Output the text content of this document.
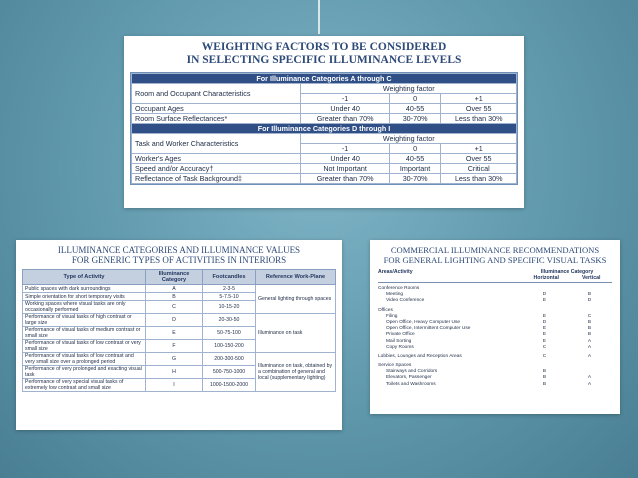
WEIGHTING FACTORS TO BE CONSIDERED
IN SELECTING SPECIFIC ILLUMINANCE LEVELS
For Illuminance Categories A through C			
Room and Occupant Characteristics	Weighting factor		
	-1	0	+1
Occupant Ages	Under 40	40-55	Over 55
Room Surface Reflectances*	Greater than 70%	30-70%	Less than 30%
For Illuminance Categories D through I			
Task and Worker Characteristics	Weighting factor		
	-1	0	+1
Worker's Ages	Under 40	40-55	Over 55
Speed and/or Accuracy†	Not Important	Important	Critical
Reflectance of Task Background‡	Greater than 70%	30-70%	Less than 30%
ILLUMINANCE CATEGORIES AND ILLUMINANCE VALUES
FOR GENERIC TYPES OF ACTIVITIES IN INTERIORS
Type of Activity	Illuminance Category	Footcandles	Reference Work-Plane
Public spaces with dark surroundings	A	2-3-5	General lighting through spaces
Simple orientation for short temporary visits	B	5-7.5-10	
Working spaces where visual tasks are only occasionally performed	C	10-15-20	
Performance of visual tasks of high contrast or large size	D	20-30-50	Illuminance on task
Performance of visual tasks of medium contrast or small size	E	50-75-100	
Performance of visual tasks of low contrast or very small size	F	100-150-200	
Performance of visual tasks of low contrast and very small size over a prolonged period	G	200-300-500	Illuminance on task, obtained by a combination of general and local (supplementary lighting)
Performance of very prolonged and exacting visual task	H	500-750-1000	
Performance of very special visual tasks of extremely low contrast and small size	I	1000-1500-2000	
COMMERCIAL ILLUMINANCE RECOMMENDATIONS
FOR GENERAL LIGHTING AND SPECIFIC VISUAL TASKS
Areas/Activity	Illuminance Category
Horizontal	Vertical
Conference Rooms
Meeting	D	B
Video Conference	E	D
Offices
Filing	E	C
Open Office, Heavy Computer Use	D	B
Open Office, Intermittent Computer Use	E	B
Private Office	E	B
Mail Sorting	E	A
Copy Rooms	C	A
Lobbies, Lounges and Reception Areas	C	A
Service Spaces
Stairways and Corridors	B
Elevators, Passenger	B	A
Toilets and Washrooms	B	A
